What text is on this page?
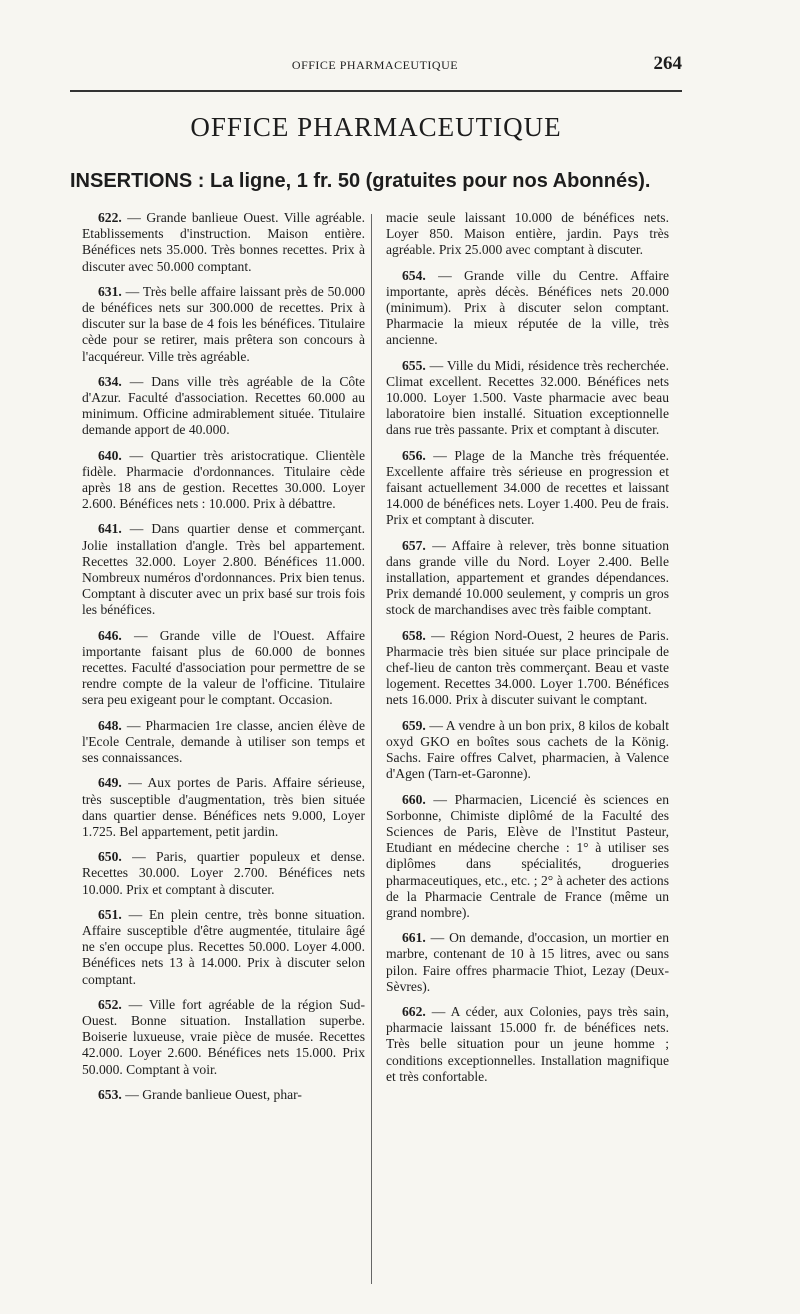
OFFICE PHARMACEUTIQUE	264
OFFICE PHARMACEUTIQUE
INSERTIONS : La ligne, 1 fr. 50 (gratuites pour nos Abonnés).

622. — Grande banlieue Ouest. Ville agréable. Etablissements d'instruction. Maison entière. Bénéfices nets 35.000. Très bonnes recettes. Prix à discuter avec 50.000 comptant.

631. — Très belle affaire laissant près de 50.000 de bénéfices nets sur 300.000 de recettes. Prix à discuter sur la base de 4 fois les bénéfices. Titulaire cède pour se retirer, mais prêtera son concours à l'acquéreur. Ville très agréable.

634. — Dans ville très agréable de la Côte d'Azur. Faculté d'association. Recettes 60.000 au minimum. Officine admirablement située. Titulaire demande apport de 40.000.

640. — Quartier très aristocratique. Clientèle fidèle. Pharmacie d'ordonnances. Titulaire cède après 18 ans de gestion. Recettes 30.000. Loyer 2.600. Bénéfices nets : 10.000. Prix à débattre.

641. — Dans quartier dense et commerçant. Jolie installation d'angle. Très bel appartement. Recettes 32.000. Loyer 2.800. Bénéfices 11.000. Nombreux numéros d'ordonnances. Prix bien tenus. Comptant à discuter avec un prix basé sur trois fois les bénéfices.

646. — Grande ville de l'Ouest. Affaire importante faisant plus de 60.000 de bonnes recettes. Faculté d'association pour permettre de se rendre compte de la valeur de l'officine. Titulaire sera peu exigeant pour le comptant. Occasion.

648. — Pharmacien 1re classe, ancien élève de l'Ecole Centrale, demande à utiliser son temps et ses connaissances.

649. — Aux portes de Paris. Affaire sérieuse, très susceptible d'augmentation, très bien située dans quartier dense. Bénéfices nets 9.000, Loyer 1.725. Bel appartement, petit jardin.

650. — Paris, quartier populeux et dense. Recettes 30.000. Loyer 2.700. Bénéfices nets 10.000. Prix et comptant à discuter.

651. — En plein centre, très bonne situation. Affaire susceptible d'être augmentée, titulaire âgé ne s'en occupe plus. Recettes 50.000. Loyer 4.000. Bénéfices nets 13 à 14.000. Prix à discuter selon comptant.

652. — Ville fort agréable de la région Sud-Ouest. Bonne situation. Installation superbe. Boiserie luxueuse, vraie pièce de musée. Recettes 42.000. Loyer 2.600. Bénéfices nets 15.000. Prix 50.000. Comptant à voir.

653. — Grande banlieue Ouest, phar-

macie seule laissant 10.000 de bénéfices nets. Loyer 850. Maison entière, jardin. Pays très agréable. Prix 25.000 avec comptant à discuter.

654. — Grande ville du Centre. Affaire importante, après décès. Bénéfices nets 20.000 (minimum). Prix à discuter selon comptant. Pharmacie la mieux réputée de la ville, très ancienne.

655. — Ville du Midi, résidence très recherchée. Climat excellent. Recettes 32.000. Bénéfices nets 10.000. Loyer 1.500. Vaste pharmacie avec beau laboratoire bien installé. Situation exceptionnelle dans rue très passante. Prix et comptant à discuter.

656. — Plage de la Manche très fréquentée. Excellente affaire très sérieuse en progression et faisant actuellement 34.000 de recettes et laissant 14.000 de bénéfices nets. Loyer 1.400. Peu de frais. Prix et comptant à discuter.

657. — Affaire à relever, très bonne situation dans grande ville du Nord. Loyer 2.400. Belle installation, appartement et grandes dépendances. Prix demandé 10.000 seulement, y compris un gros stock de marchandises avec très faible comptant.

658. — Région Nord-Ouest, 2 heures de Paris. Pharmacie très bien située sur place principale de chef-lieu de canton très commerçant. Beau et vaste logement. Recettes 34.000. Loyer 1.700. Bénéfices nets 16.000. Prix à discuter suivant le comptant.

659. — A vendre à un bon prix, 8 kilos de kobalt oxyd GKO en boîtes sous cachets de la König. Sachs. Faire offres Calvet, pharmacien, à Valence d'Agen (Tarn-et-Garonne).

660. — Pharmacien, Licencié ès sciences en Sorbonne, Chimiste diplômé de la Faculté des Sciences de Paris, Elève de l'Institut Pasteur, Etudiant en médecine cherche : 1° à utiliser ses diplômes dans spécialités, drogueries pharmaceutiques, etc., etc. ; 2° à acheter des actions de la Pharmacie Centrale de France (même un grand nombre).

661. — On demande, d'occasion, un mortier en marbre, contenant de 10 à 15 litres, avec ou sans pilon. Faire offres pharmacie Thiot, Lezay (Deux-Sèvres).

662. — A céder, aux Colonies, pays très sain, pharmacie laissant 15.000 fr. de bénéfices nets. Très belle situation pour un jeune homme ; conditions exceptionnelles. Installation magnifique et très confortable.
